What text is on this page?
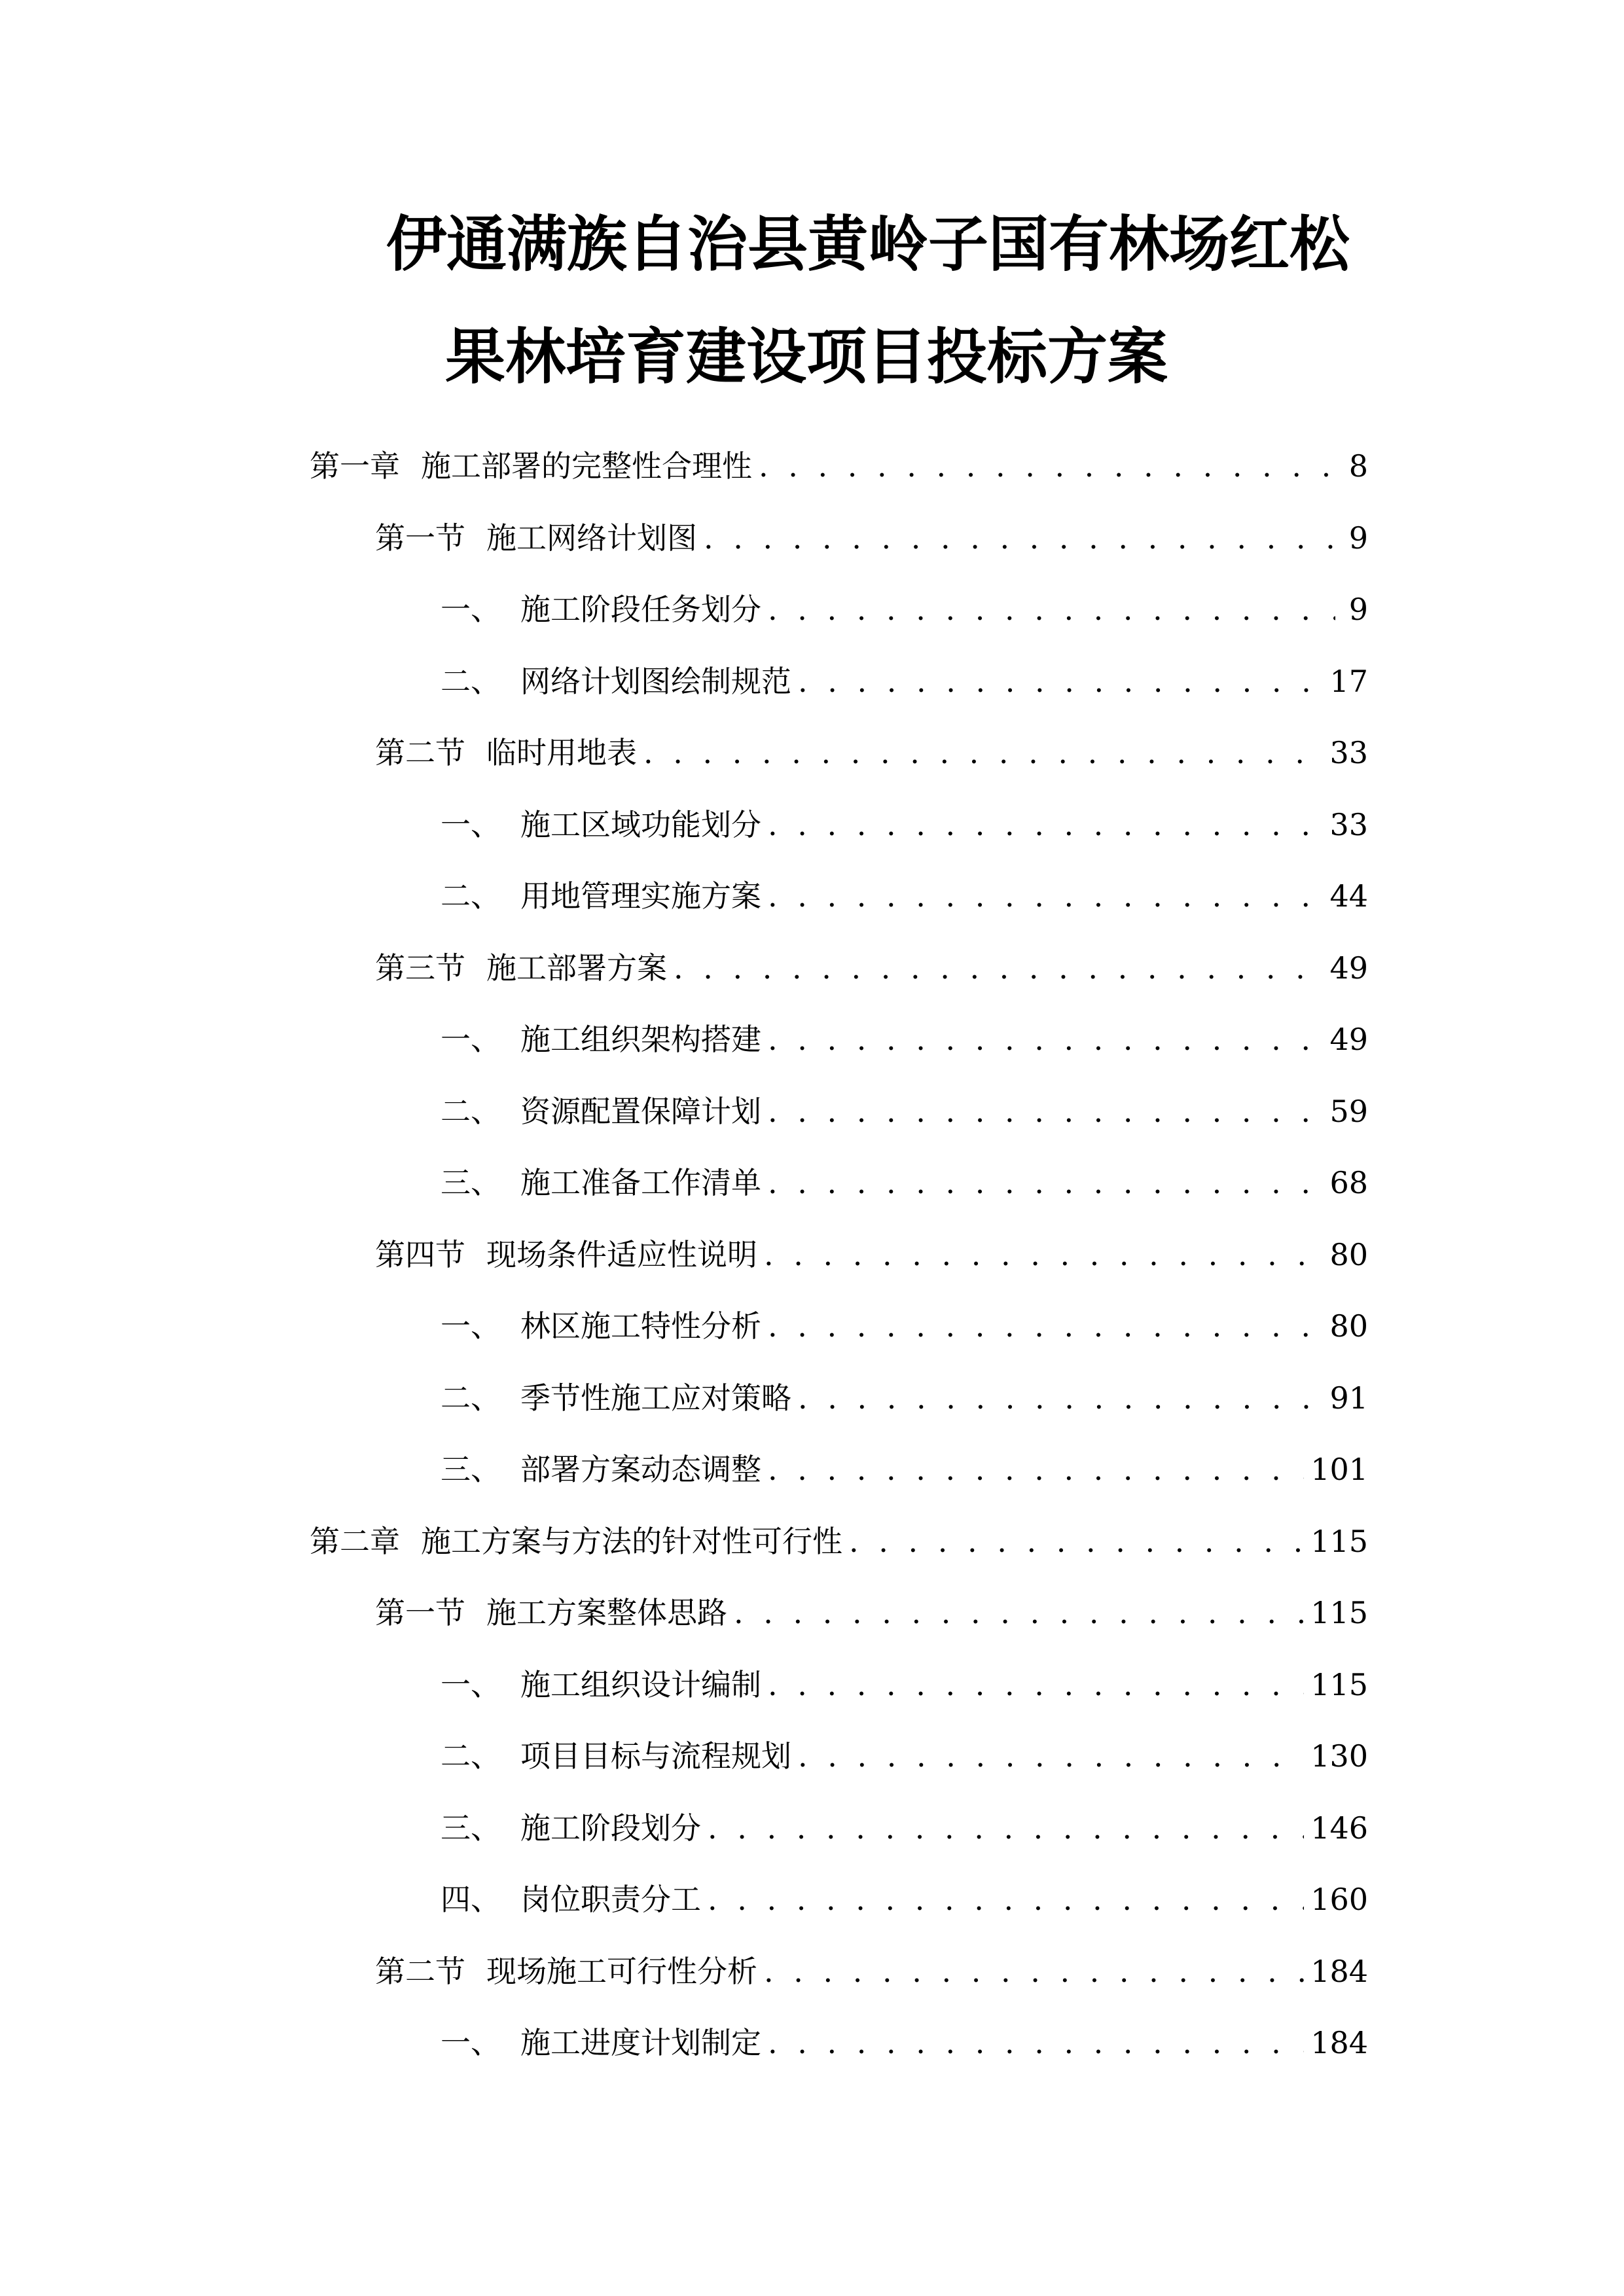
伊通满族自治县黄岭子国有林场红松
果林培育建设项目投标方案
第一章 施工部署的完整性合理性 . . .	8
第一节 施工网络计划图 . . .	9
一、 施工阶段任务划分 . . .	9
二、 网络计划图绘制规范 . . .	17
第二节 临时用地表 . . .	33
一、 施工区域功能划分 . . .	33
二、 用地管理实施方案 . . .	44
第三节 施工部署方案 . . .	49
一、 施工组织架构搭建 . . .	49
二、 资源配置保障计划 . . .	59
三、 施工准备工作清单 . . .	68
第四节 现场条件适应性说明 . . .	80
一、 林区施工特性分析 . . .	80
二、 季节性施工应对策略 . . .	91
三、 部署方案动态调整 . . .	101
第二章 施工方案与方法的针对性可行性 . . .	115
第一节 施工方案整体思路 . . .	115
一、 施工组织设计编制 . . .	115
二、 项目目标与流程规划 . . .	130
三、 施工阶段划分 . . .	146
四、 岗位职责分工 . . .	160
第二节 现场施工可行性分析 . . .	184
一、 施工进度计划制定 . . .	184
